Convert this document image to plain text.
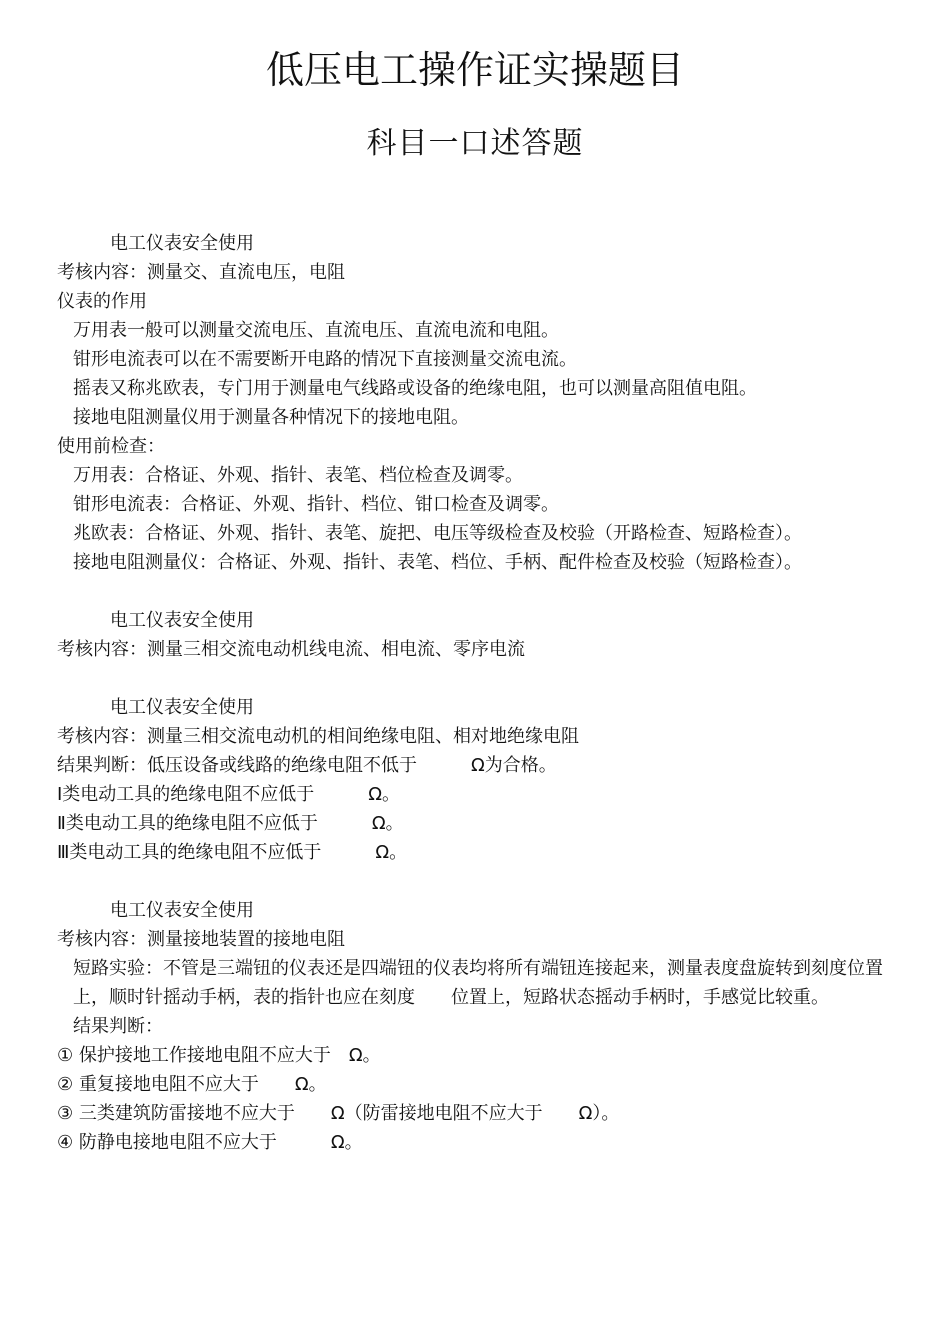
低压电工操作证实操题目
科目一口述答题
电工仪表安全使用
考核内容：测量交、直流电压，电阻
仪表的作用
万用表一般可以测量交流电压、直流电压、直流电流和电阻。
钳形电流表可以在不需要断开电路的情况下直接测量交流电流。
摇表又称兆欧表，专门用于测量电气线路或设备的绝缘电阻，也可以测量高阻值电阻。
接地电阻测量仪用于测量各种情况下的接地电阻。
使用前检查：
万用表：合格证、外观、指针、表笔、档位检查及调零。
钳形电流表：合格证、外观、指针、档位、钳口检查及调零。
兆欧表：合格证、外观、指针、表笔、旋把、电压等级检查及校验（开路检查、短路检查）。
接地电阻测量仪：合格证、外观、指针、表笔、档位、手柄、配件检查及校验（短路检查）。
电工仪表安全使用
考核内容：测量三相交流电动机线电流、相电流、零序电流
电工仪表安全使用
考核内容：测量三相交流电动机的相间绝缘电阻、相对地绝缘电阻
结果判断：低压设备或线路的绝缘电阻不低于　　　Ω为合格。
Ⅰ类电动工具的绝缘电阻不应低于　　　Ω。
Ⅱ类电动工具的绝缘电阻不应低于　　　Ω。
Ⅲ类电动工具的绝缘电阻不应低于　　　Ω。
电工仪表安全使用
考核内容：测量接地装置的接地电阻
短路实验：不管是三端钮的仪表还是四端钮的仪表均将所有端钮连接起来，测量表度盘旋转到刻度位置上，顺时针摇动手柄，表的指针也应在刻度　　位置上，短路状态摇动手柄时，手感觉比较重。
结果判断：
① 保护接地工作接地电阻不应大于　Ω。
② 重复接地电阻不应大于　　Ω。
③ 三类建筑防雷接地不应大于　　Ω（防雷接地电阻不应大于　　Ω）。
④ 防静电接地电阻不应大于　　　Ω。
